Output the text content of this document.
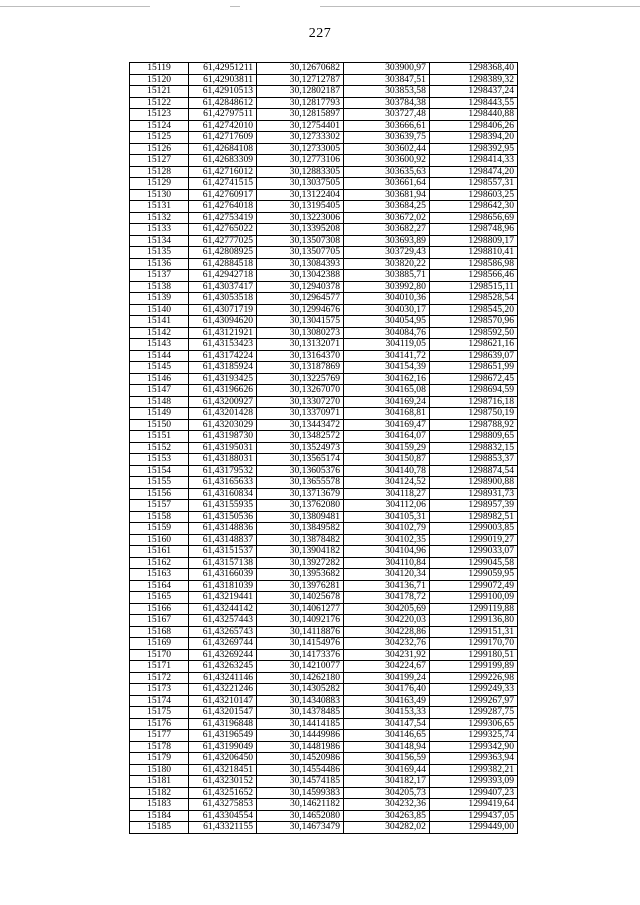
227
15119	61,42951211	30,12670682	303900,97	1298368,40
15120	61,42903811	30,12712787	303847,51	1298389,32
15121	61,42910513	30,12802187	303853,58	1298437,24
15122	61,42848612	30,12817793	303784,38	1298443,55
15123	61,42797511	30,12815897	303727,48	1298440,88
15124	61,42742010	30,12754401	303666,61	1298406,26
15125	61,42717609	30,12733302	303639,75	1298394,20
15126	61,42684108	30,12733005	303602,44	1298392,95
15127	61,42683309	30,12773106	303600,92	1298414,33
15128	61,42716012	30,12883305	303635,63	1298474,20
15129	61,42741515	30,13037505	303661,64	1298557,31
15130	61,42760917	30,13122404	303681,94	1298603,25
15131	61,42764018	30,13195405	303684,25	1298642,30
15132	61,42753419	30,13223006	303672,02	1298656,69
15133	61,42765022	30,13395208	303682,27	1298748,96
15134	61,42777025	30,13507308	303693,89	1298809,17
15135	61,42808925	30,13507705	303729,43	1298810,41
15136	61,42884518	30,13084393	303820,22	1298586,98
15137	61,42942718	30,13042388	303885,71	1298566,46
15138	61,43037417	30,12940378	303992,80	1298515,11
15139	61,43053518	30,12964577	304010,36	1298528,54
15140	61,43071719	30,12994676	304030,17	1298545,20
15141	61,43094620	30,13041575	304054,95	1298570,96
15142	61,43121921	30,13080273	304084,76	1298592,50
15143	61,43153423	30,13132071	304119,05	1298621,16
15144	61,43174224	30,13164370	304141,72	1298639,07
15145	61,43185924	30,13187869	304154,39	1298651,99
15146	61,43193425	30,13225769	304162,16	1298672,45
15147	61,43196626	30,13267070	304165,08	1298694,59
15148	61,43200927	30,13307270	304169,24	1298716,18
15149	61,43201428	30,13370971	304168,81	1298750,19
15150	61,43203029	30,13443472	304169,47	1298788,92
15151	61,43198730	30,13482572	304164,07	1298809,65
15152	61,43195031	30,13524973	304159,29	1298832,15
15153	61,43188031	30,13565174	304150,87	1298853,37
15154	61,43179532	30,13605376	304140,78	1298874,54
15155	61,43165633	30,13655578	304124,52	1298900,88
15156	61,43160834	30,13713679	304118,27	1298931,73
15157	61,43155935	30,13762080	304112,06	1298957,39
15158	61,43150536	30,13809481	304105,31	1298982,51
15159	61,43148836	30,13849582	304102,79	1299003,85
15160	61,43148837	30,13878482	304102,35	1299019,27
15161	61,43151537	30,13904182	304104,96	1299033,07
15162	61,43157138	30,13927282	304110,84	1299045,58
15163	61,43166039	30,13953682	304120,34	1299059,95
15164	61,43181039	30,13976281	304136,71	1299072,49
15165	61,43219441	30,14025678	304178,72	1299100,09
15166	61,43244142	30,14061277	304205,69	1299119,88
15167	61,43257443	30,14092176	304220,03	1299136,80
15168	61,43265743	30,14118876	304228,86	1299151,31
15169	61,43269744	30,14154976	304232,76	1299170,70
15170	61,43269244	30,14173376	304231,92	1299180,51
15171	61,43263245	30,14210077	304224,67	1299199,89
15172	61,43241146	30,14262180	304199,24	1299226,98
15173	61,43221246	30,14305282	304176,40	1299249,33
15174	61,43210147	30,14340883	304163,49	1299267,97
15175	61,43201547	30,14378485	304153,33	1299287,75
15176	61,43196848	30,14414185	304147,54	1299306,65
15177	61,43196549	30,14449986	304146,65	1299325,74
15178	61,43199049	30,14481986	304148,94	1299342,90
15179	61,43206450	30,14520986	304156,59	1299363,94
15180	61,43218451	30,14554486	304169,44	1299382,21
15181	61,43230152	30,14574185	304182,17	1299393,09
15182	61,43251652	30,14599383	304205,73	1299407,23
15183	61,43275853	30,14621182	304232,36	1299419,64
15184	61,43304554	30,14652080	304263,85	1299437,05
15185	61,43321155	30,14673479	304282,02	1299449,00
